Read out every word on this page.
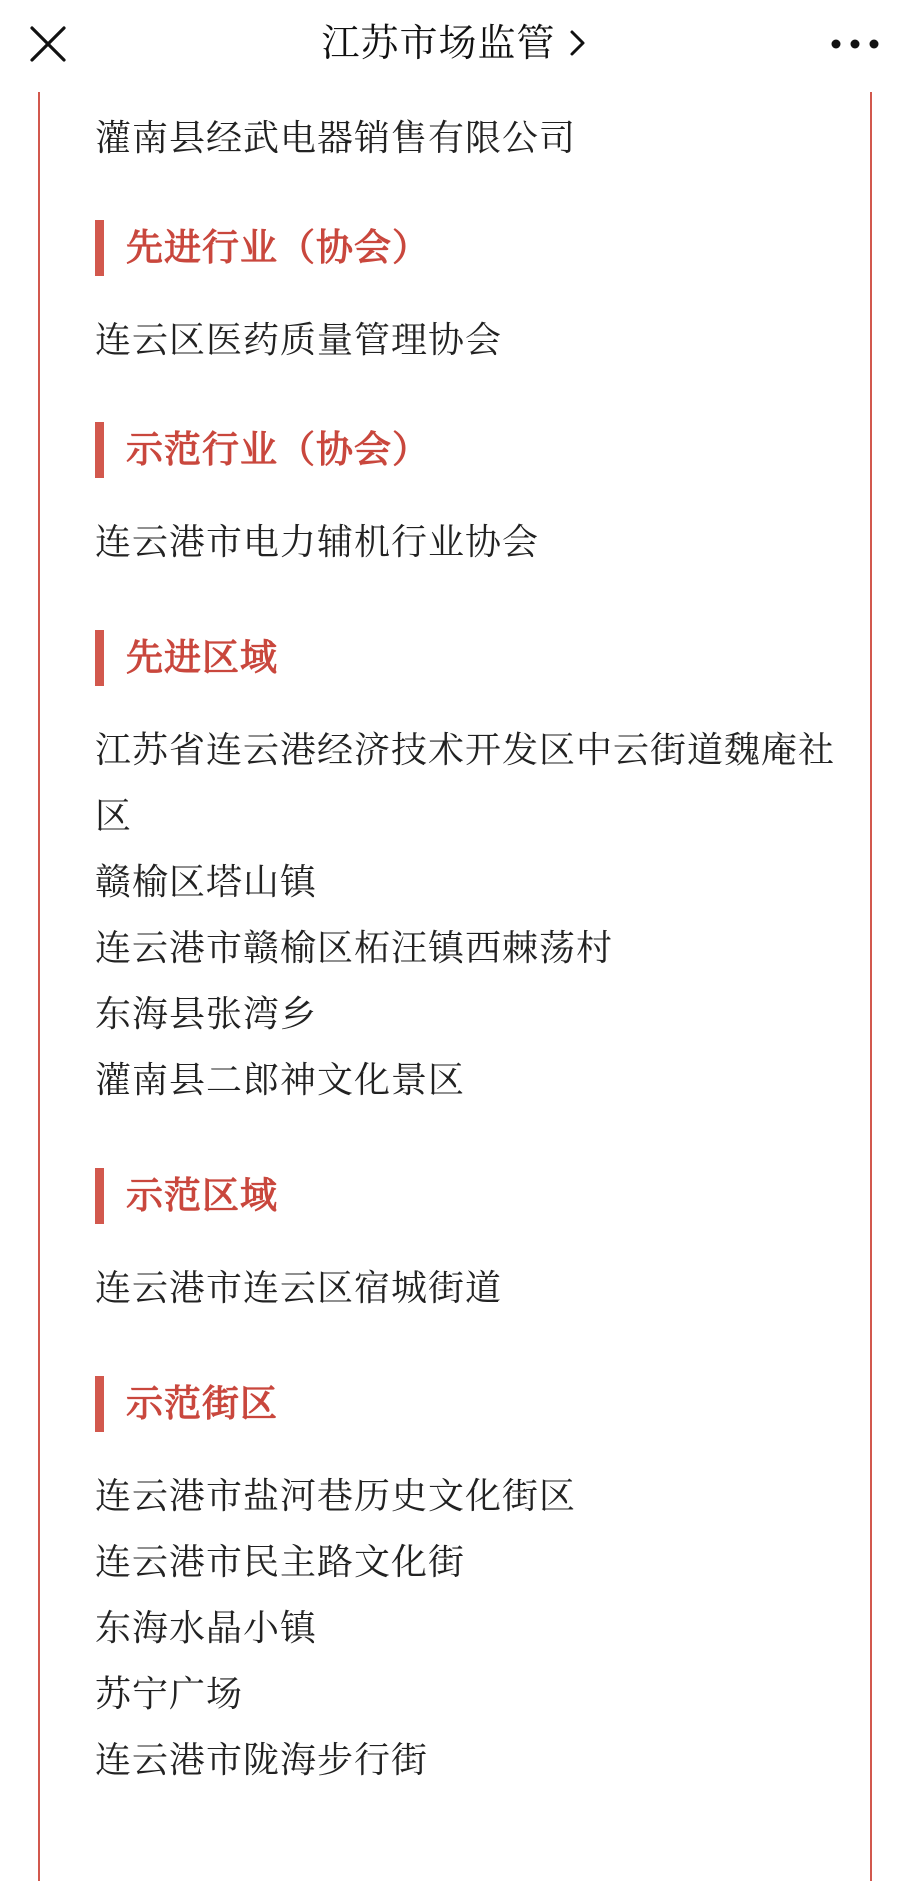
江苏市场监管
灌南县经武电器销售有限公司
先进行业（协会）
连云区医药质量管理协会
示范行业（协会）
连云港市电力辅机行业协会
先进区域
江苏省连云港经济技术开发区中云街道魏庵社区
赣榆区塔山镇
连云港市赣榆区柘汪镇西棘荡村
东海县张湾乡
灌南县二郎神文化景区
示范区域
连云港市连云区宿城街道
示范街区
连云港市盐河巷历史文化街区
连云港市民主路文化街
东海水晶小镇
苏宁广场
连云港市陇海步行街
